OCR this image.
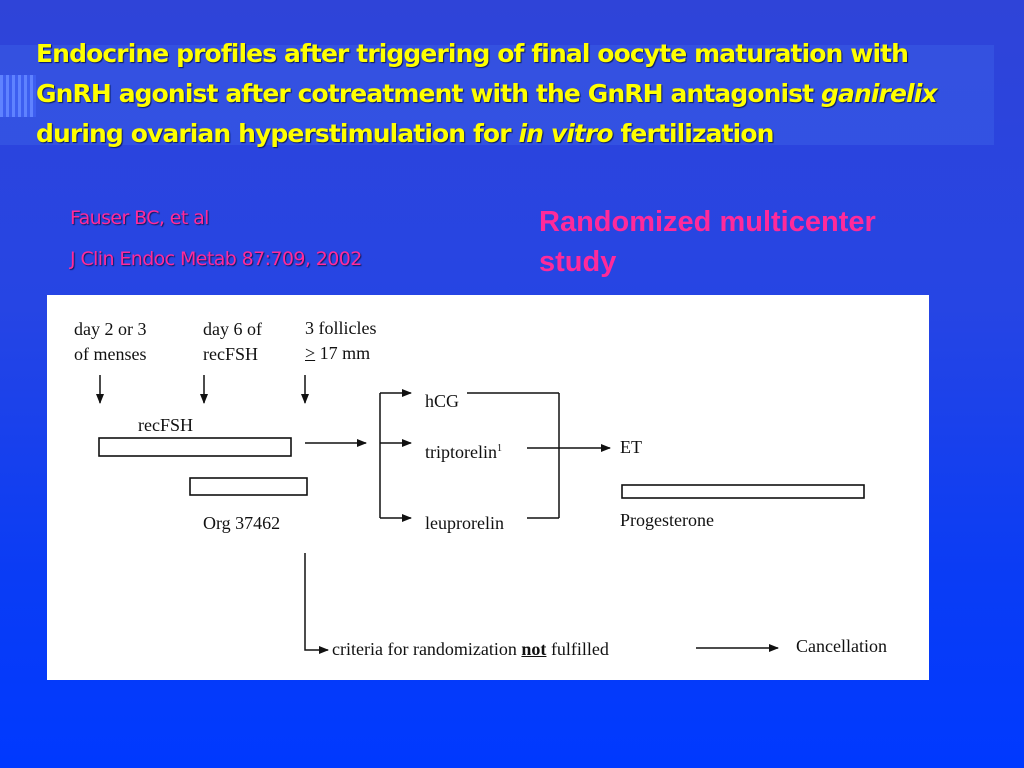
Endocrine profiles after triggering of final oocyte maturation with GnRH agonist after cotreatment with the GnRH antagonist ganirelix during ovarian hyperstimulation for in vitro fertilization
Fauser BC, et al
J Clin Endoc Metab 87:709, 2002
Randomized multicenter study
day 2 or 3
of menses
day 6 of
recFSH
3 follicles
≥ 17 mm
recFSH
Org 37462
hCG
triptorelin$^1$
leuprorelin
ET
Progesterone
criteria for randomization not fulfilled	Cancellation
